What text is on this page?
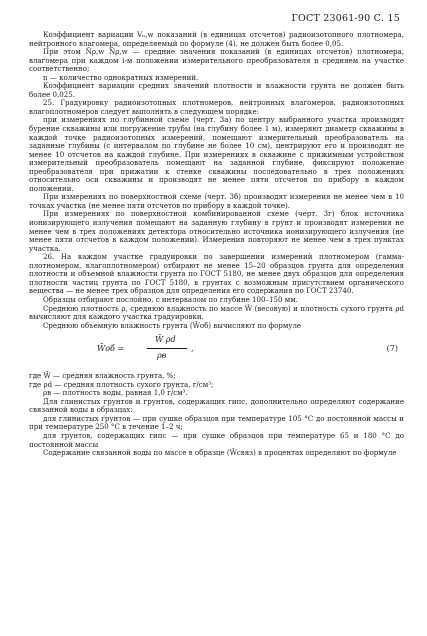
ГОСТ 23061-90 С. 15

Коэффициент вариации Vₙ,w показаний (в единицах отсчетов) радиоизотопного плотномера, нейтронного влагомера, определяемый по формуле (4), не должен быть более 0,05.

При этом N̄ρ,w N̄ρ,w — средние значения показаний (в единицах отсчетов) плотномера, влагомера при каждом i-м положении измерительного преобразователя n средняем на участке соответственно;

n — количество однократных измерений.

Коэффициент вариации средних значений плотности и влажности грунта не должен быть более 0,025.

25. Градуировку радиоизотопных плотномеров, нейтронных влагомеров, радиоизотопных влагоплотномеров следует выполнять в следующем порядке:

при измерениях по глубинной схеме (черт. 3а) по центру выбранного участка производят бурение скважины или погружение трубы (на глубину более 1 м), измеряют диаметр скважины в каждой точке радиоизотопных измерений, помещают измерительный преобразователь на заданные глубины (с интервалом по глубине не более 10 см), центрируют его и производят не менее 10 отсчетов на каждой глубине. При измерениях в скважине с прижимным устройством измерительный преобразователь помещают на заданной глубине, фиксируют положение преобразователя при прижатии к стенке скважины последовательно в трех положениях относительно оси скважины и производят не менее пяти отсчетов по прибору в каждом положении.

При измерениях по поверхностной схеме (черт. 3б) производят измерения не менее чем в 10 точках участка (не менее пяти отсчетов по прибору в каждой точке).

При измерениях по поверхностной комбинированной схеме (черт. 3г) блок источника ионизирующего излучения помещают на заданную глубину в грунт и производят измерения не менее чем в трех положениях детектора относительно источника ионизирующего излучения (не менее пяти отсчетов в каждом положении). Измерения повторяют не менее чем в трех пунктах участка.

26. На каждом участке градуировки по завершении измерений плотномером (гамма-плотномером, влагоплотномером) отбирают не менее 15–20 образцов грунта для определения плотности и объемной влажности грунта по ГОСТ 5180, не менее двух образцов для определения плотности частиц грунта по ГОСТ 5180, в грунтах с возможным присутствием органического вещества — не менее трех образцов для определения его содержания по ГОСТ 23740.

Образцы отбирают послойно, с интервалом по глубине 100–150 мм.

Среднюю плотность ρ, среднюю влажность по массе W̄ (весовую) и плотность сухого грунта ρd вычисляют для каждого участка градуировки.

Среднюю объемную влажность грунта (W̄об) вычисляют по формуле

W̄об =
W̄ ρd
ρв
,	(7)

где W̄ — средняя влажность грунта, %;

где ρd — средняя плотность сухого грунта, г/см³;

ρв — плотность воды, равная 1,0 г/см³.

Для глинистых грунтов и грунтов, содержащих гипс, дополнительно определяют содержание связанной воды в образцах:

для глинистых грунтов — при сушке образцов при температуре 105 °С до постоянной массы и при температуре 250 °С в течение 1–2 ч;

для грунтов, содержащих гипс — при сушке образцов при температуре 65 и 180 °С до постоянной массы

Содержание связанной воды по массе в образце (W̄связ) в процентах определяют по формуле
